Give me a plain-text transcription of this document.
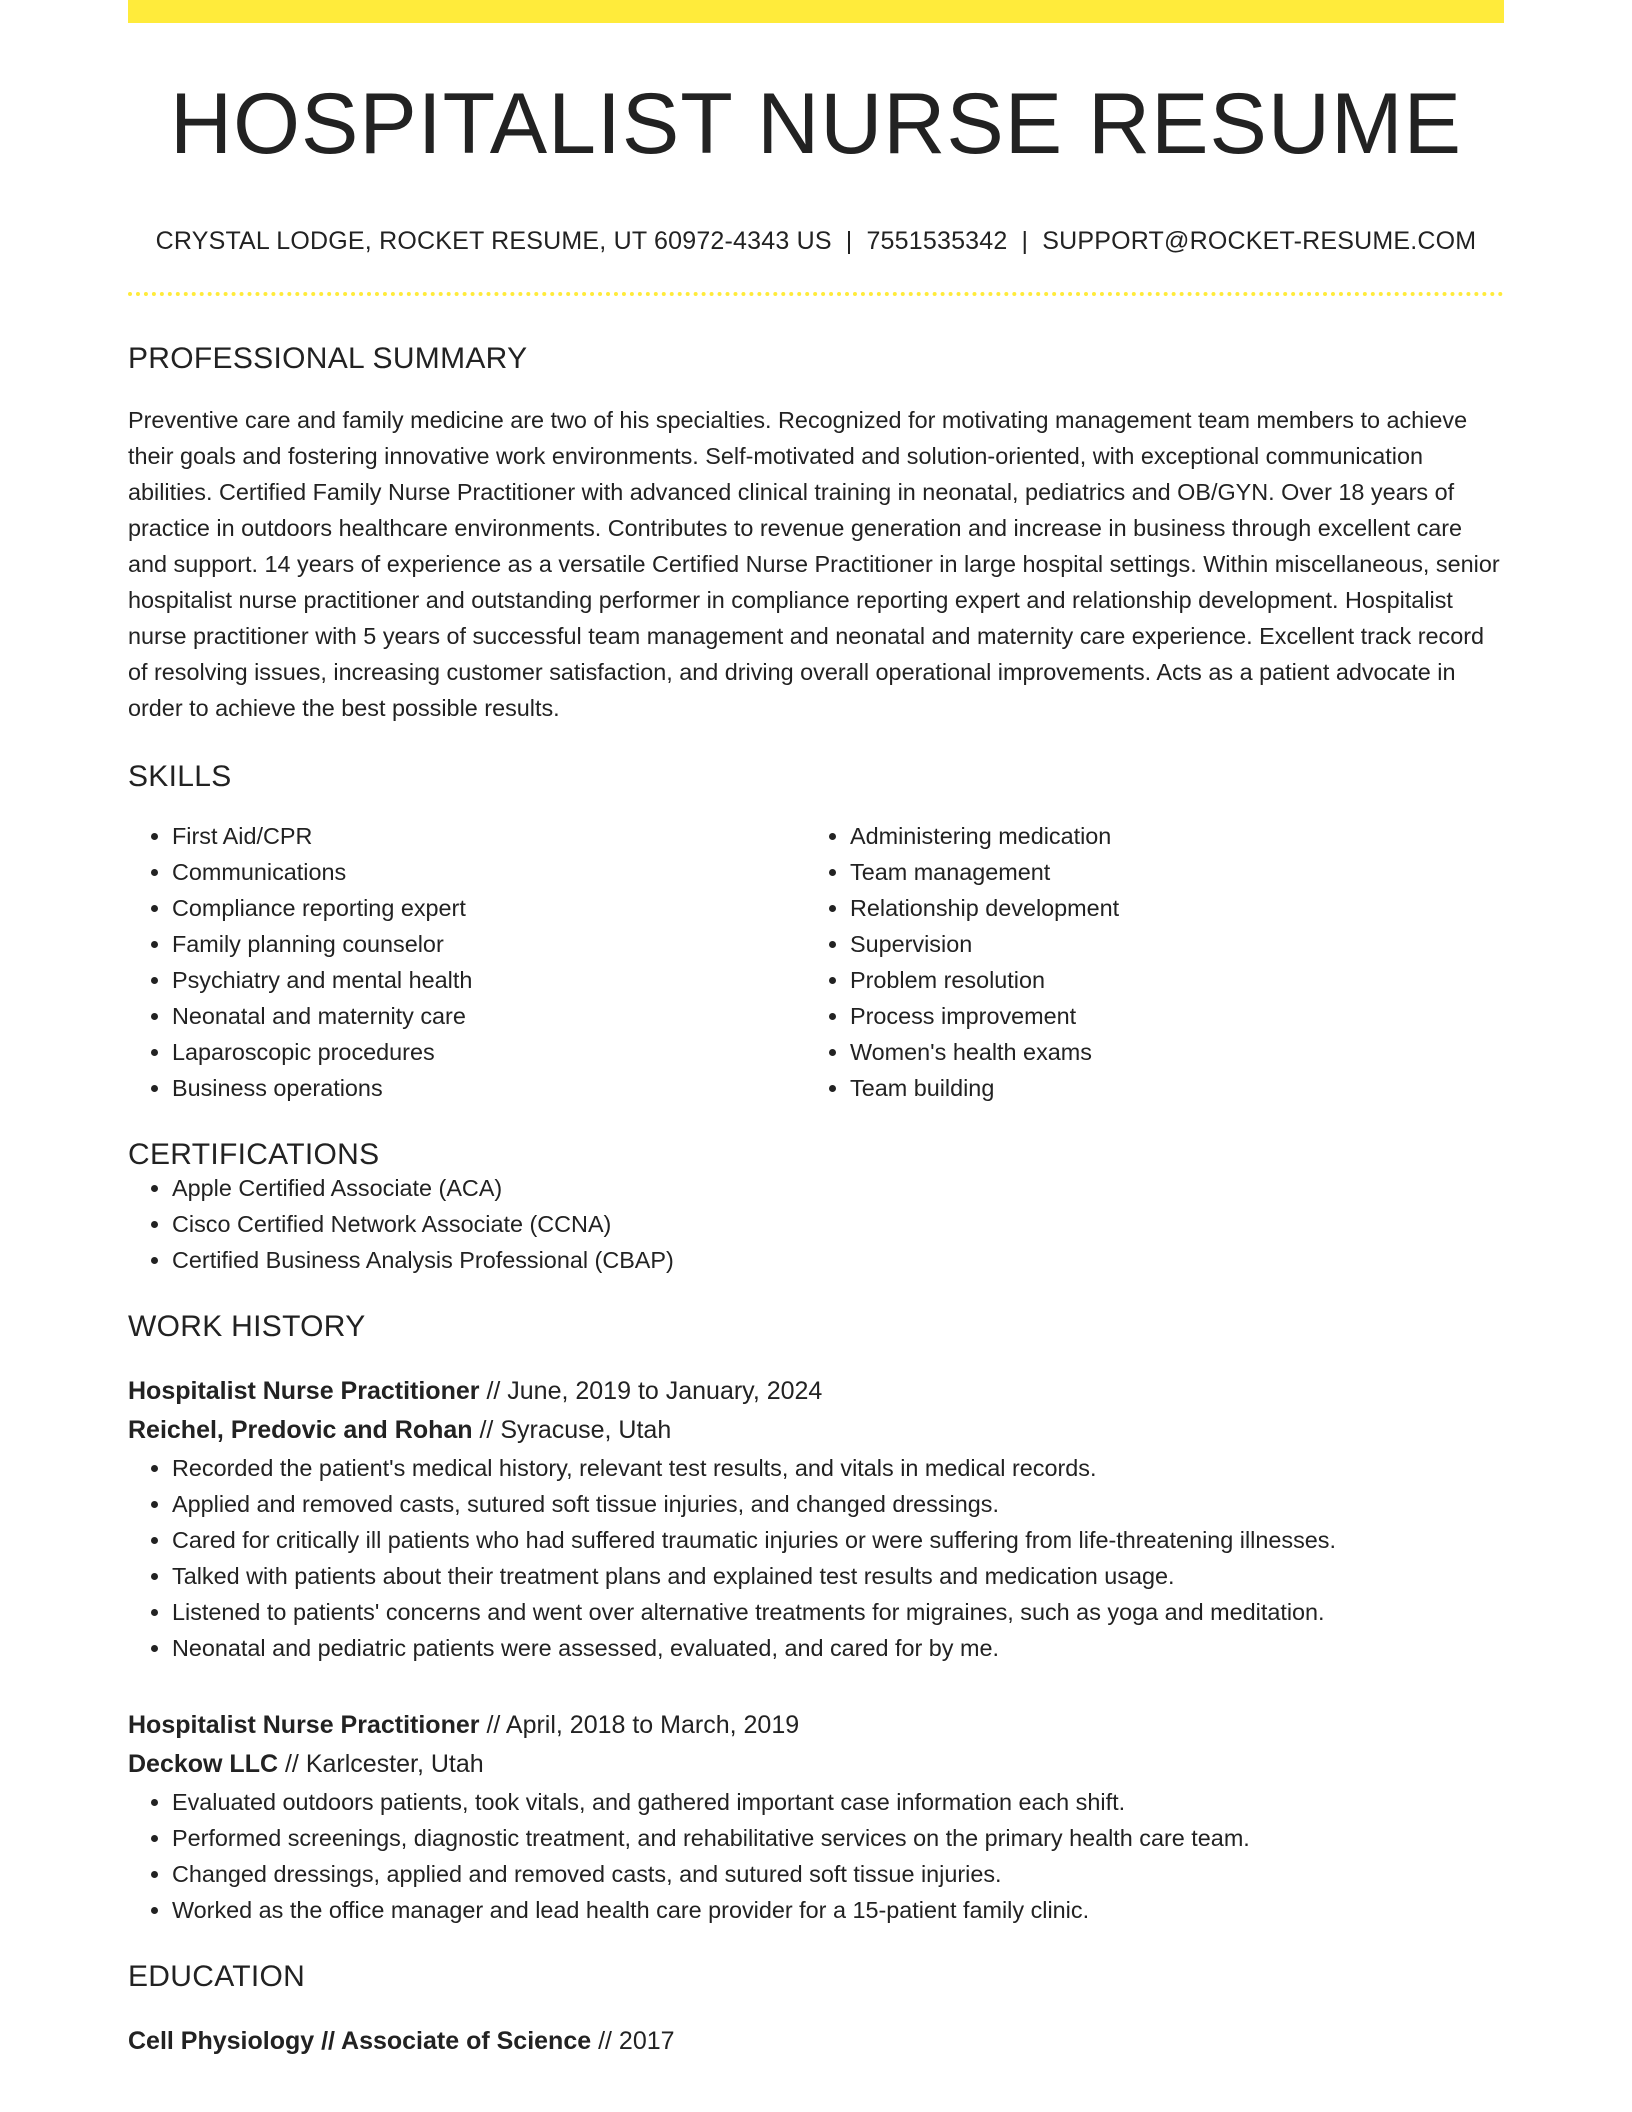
HOSPITALIST NURSE RESUME
CRYSTAL LODGE, ROCKET RESUME, UT 60972-4343 US | 7551535342 | SUPPORT@ROCKET-RESUME.COM
PROFESSIONAL SUMMARY

Preventive care and family medicine are two of his specialties. Recognized for motivating management team members to achieve their goals and fostering innovative work environments. Self-motivated and solution-oriented, with exceptional communication abilities. Certified Family Nurse Practitioner with advanced clinical training in neonatal, pediatrics and OB/GYN. Over 18 years of practice in outdoors healthcare environments. Contributes to revenue generation and increase in business through excellent care and support. 14 years of experience as a versatile Certified Nurse Practitioner in large hospital settings. Within miscellaneous, senior hospitalist nurse practitioner and outstanding performer in compliance reporting expert and relationship development. Hospitalist nurse practitioner with 5 years of successful team management and neonatal and maternity care experience. Excellent track record of resolving issues, increasing customer satisfaction, and driving overall operational improvements. Acts as a patient advocate in order to achieve the best possible results.

SKILLS
• First Aid/CPR
• Communications
• Compliance reporting expert
• Family planning counselor
• Psychiatry and mental health
• Neonatal and maternity care
• Laparoscopic procedures
• Business operations
• Administering medication
• Team management
• Relationship development
• Supervision
• Problem resolution
• Process improvement
• Women's health exams
• Team building
CERTIFICATIONS
• Apple Certified Associate (ACA)
• Cisco Certified Network Associate (CCNA)
• Certified Business Analysis Professional (CBAP)
WORK HISTORY
Hospitalist Nurse Practitioner // June, 2019 to January, 2024
Reichel, Predovic and Rohan // Syracuse, Utah
• Recorded the patient's medical history, relevant test results, and vitals in medical records.
• Applied and removed casts, sutured soft tissue injuries, and changed dressings.
• Cared for critically ill patients who had suffered traumatic injuries or were suffering from life-threatening illnesses.
• Talked with patients about their treatment plans and explained test results and medication usage.
• Listened to patients' concerns and went over alternative treatments for migraines, such as yoga and meditation.
• Neonatal and pediatric patients were assessed, evaluated, and cared for by me.
Hospitalist Nurse Practitioner // April, 2018 to March, 2019
Deckow LLC // Karlcester, Utah
• Evaluated outdoors patients, took vitals, and gathered important case information each shift.
• Performed screenings, diagnostic treatment, and rehabilitative services on the primary health care team.
• Changed dressings, applied and removed casts, and sutured soft tissue injuries.
• Worked as the office manager and lead health care provider for a 15-patient family clinic.
EDUCATION
Cell Physiology // Associate of Science // 2017
